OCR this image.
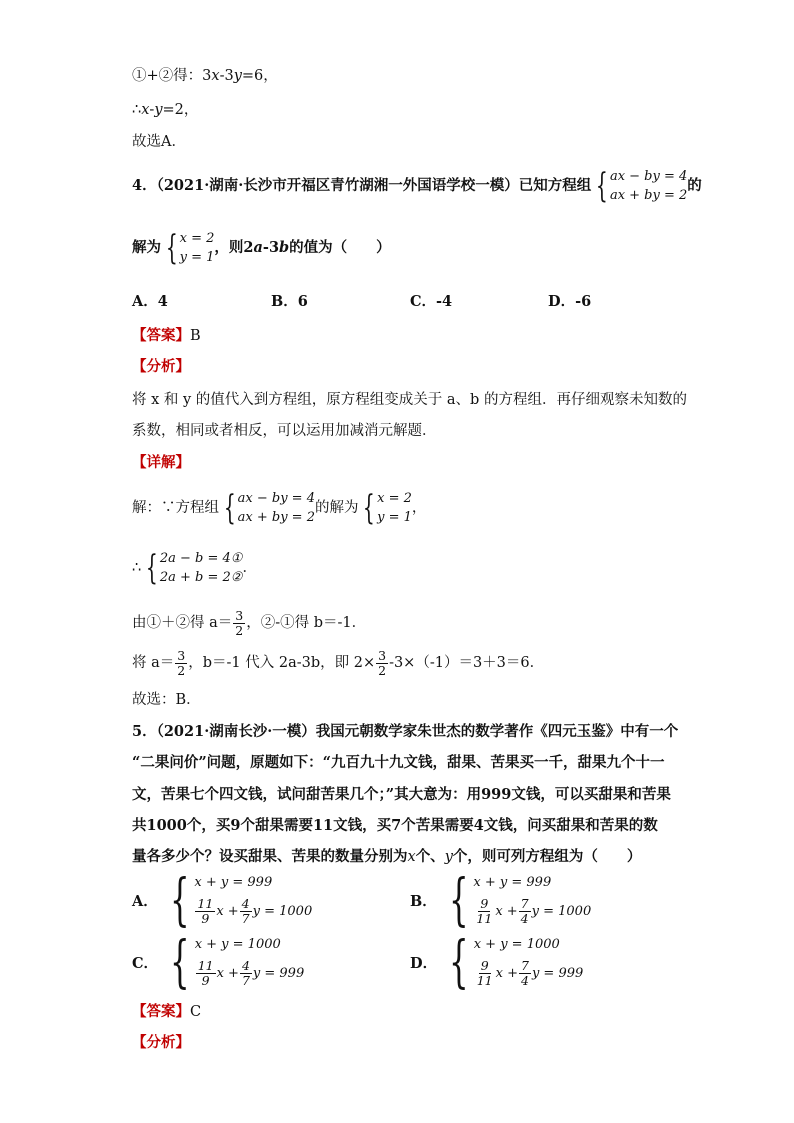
①+②得：3x-3y=6，
∴x-y=2，
故选A．
4．（2021·湖南·长沙市开福区青竹湖湘一外国语学校一模）已知方程组 { ax − by = 4
ax + by = 2
的
解为 { x = 2
y = 1
，则2a-3b的值为（　　）
A．4	B．6	C．-4	D．-6
【答案】B
【分析】
将 x 和 y 的值代入到方程组，原方程组变成关于 a、b 的方程组．再仔细观察未知数的
系数，相同或者相反，可以运用加减消元解题．
【详解】
解：∵方程组 { ax − by = 4
ax + by = 2
的解为 { x = 2
y = 1
，
∴ { 2a − b = 4①
2a + b = 2②
．
由①＋②得 $a= \frac{3}{2}$ ，②-①得 b＝-1．
将 $a= \frac{3}{2}$ ，b＝-1 代入 2a-3b，即 $2\times \frac{3}{2} -3\times(-1)=3+3=6$．
故选：B．
5．（2021·湖南长沙·一模）我国元朝数学家朱世杰的数学著作《四元玉鉴》中有一个
“二果问价”问题，原题如下：“九百九十九文钱，甜果、苦果买一千，甜果九个十一
文，苦果七个四文钱，试问甜苦果几个；”其大意为：用999文钱，可以买甜果和苦果
共1000个，买9个甜果需要11文钱，买7个苦果需要4文钱，问买甜果和苦果的数
量各多少个？设买甜果、苦果的数量分别为x个、y个，则可列方程组为（　　）
A． { x + y = 999
$\frac{11}{9}$ $x + \frac{4}{7}$ y = 1000
B． { x + y = 999
$\frac{9}{11}$ $x + \frac{7}{4}$ y = 1000
C． { x + y = 1000
$\frac{11}{9}$ $x + \frac{4}{7}$ y = 999
D． { x + y = 1000
$\frac{9}{11}$ $x + \frac{7}{4}$ y = 999
【答案】C
【分析】
